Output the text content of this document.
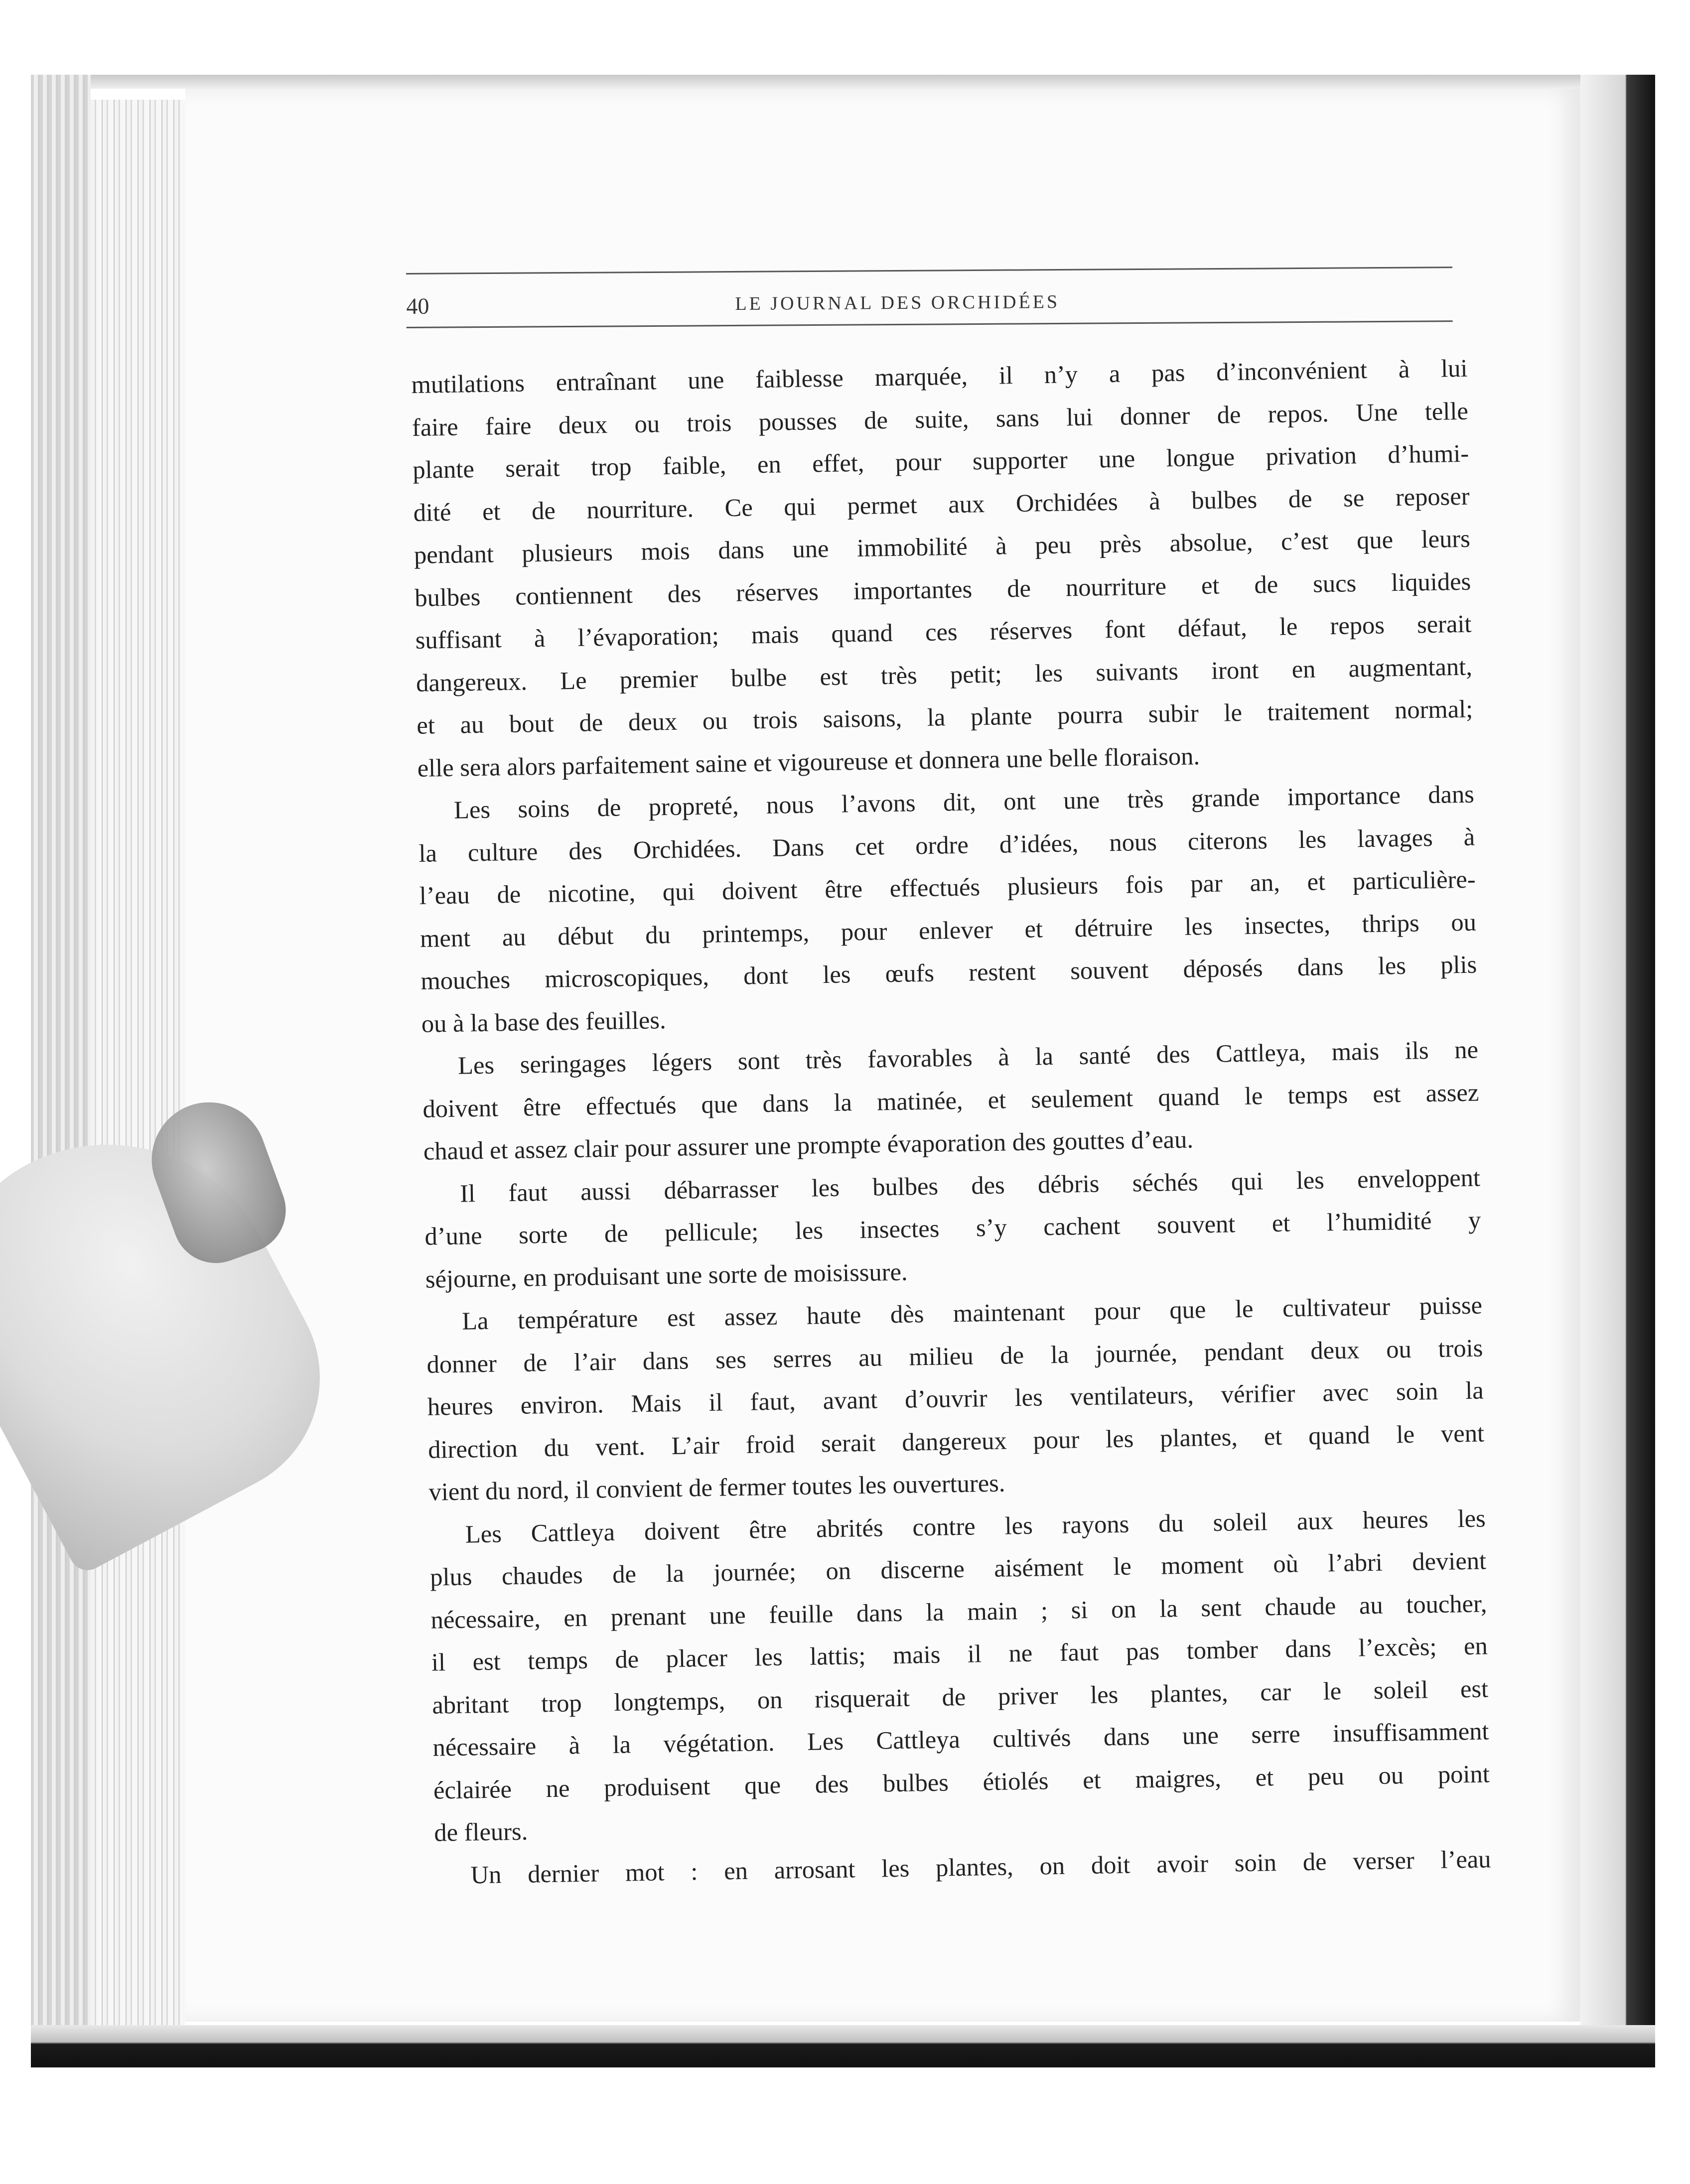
40	LE JOURNAL DES ORCHIDÉES
mutilations entraînant une faiblesse marquée, il n’y a pas d’inconvénient à lui
faire faire deux ou trois pousses de suite, sans lui donner de repos. Une telle
plante serait trop faible, en effet, pour supporter une longue privation d’humi-
dité et de nourriture. Ce qui permet aux Orchidées à bulbes de se reposer
pendant plusieurs mois dans une immobilité à peu près absolue, c’est que leurs
bulbes contiennent des réserves importantes de nourriture et de sucs liquides
suffisant à l’évaporation; mais quand ces réserves font défaut, le repos serait
dangereux. Le premier bulbe est très petit; les suivants iront en augmentant,
et au bout de deux ou trois saisons, la plante pourra subir le traitement normal;
elle sera alors parfaitement saine et vigoureuse et donnera une belle floraison.
Les soins de propreté, nous l’avons dit, ont une très grande importance dans
la culture des Orchidées. Dans cet ordre d’idées, nous citerons les lavages à
l’eau de nicotine, qui doivent être effectués plusieurs fois par an, et particulière-
ment au début du printemps, pour enlever et détruire les insectes, thrips ou
mouches microscopiques, dont les œufs restent souvent déposés dans les plis
ou à la base des feuilles.
Les seringages légers sont très favorables à la santé des Cattleya, mais ils ne
doivent être effectués que dans la matinée, et seulement quand le temps est assez
chaud et assez clair pour assurer une prompte évaporation des gouttes d’eau.
Il faut aussi débarrasser les bulbes des débris séchés qui les enveloppent
d’une sorte de pellicule; les insectes s’y cachent souvent et l’humidité y
séjourne, en produisant une sorte de moisissure.
La température est assez haute dès maintenant pour que le cultivateur puisse
donner de l’air dans ses serres au milieu de la journée, pendant deux ou trois
heures environ. Mais il faut, avant d’ouvrir les ventilateurs, vérifier avec soin la
direction du vent. L’air froid serait dangereux pour les plantes, et quand le vent
vient du nord, il convient de fermer toutes les ouvertures.
Les Cattleya doivent être abrités contre les rayons du soleil aux heures les
plus chaudes de la journée; on discerne aisément le moment où l’abri devient
nécessaire, en prenant une feuille dans la main ; si on la sent chaude au toucher,
il est temps de placer les lattis; mais il ne faut pas tomber dans l’excès; en
abritant trop longtemps, on risquerait de priver les plantes, car le soleil est
nécessaire à la végétation. Les Cattleya cultivés dans une serre insuffisamment
éclairée ne produisent que des bulbes étiolés et maigres, et peu ou point
de fleurs.
Un dernier mot : en arrosant les plantes, on doit avoir soin de verser l’eau
